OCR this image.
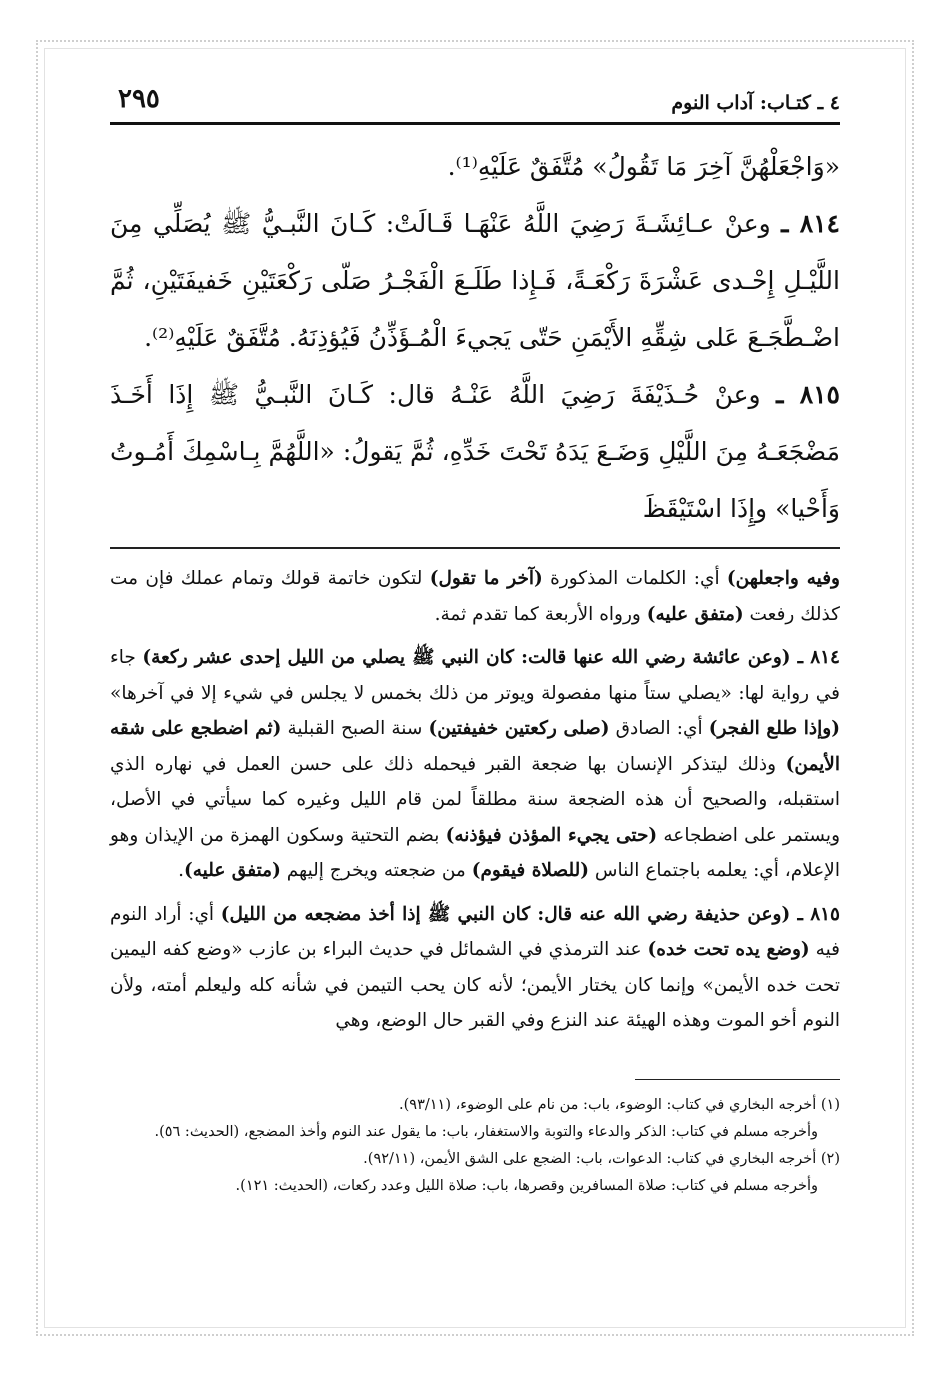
٤ ـ كتـاب: آداب النوم
٢٩٥

«وَاجْعَلْهُنَّ آخِرَ مَا تَقُولُ» مُتَّفَقٌ عَلَيْهِ⁽¹⁾.

٨١٤ ـ وعنْ عـائِشَـةَ رَضِيَ اللَّهُ عَنْهَـا قَـالَتْ: كَـانَ النَّبـيُّ ﷺ يُصَلِّي مِنَ اللَّيْـلِ إِحْـدى عَشْرَةَ رَكْعَـةً، فَـإِذا طَلَـعَ الْفَجْـرُ صَلّى رَكْعَتَيْنِ خَفيفَتَيْنِ، ثُمَّ اضْـطَّجَـعَ عَلى شِقِّهِ الأَيْمَنِ حَتّى يَجيءَ الْمُـؤَذِّنُ فَيُؤذِنَهُ. مُتَّفَقٌ عَلَيْهِ⁽²⁾.

٨١٥ ـ وعنْ حُـذَيْفَةَ رَضِيَ اللَّهُ عَنْـهُ قال: كَـانَ النَّبـيُّ ﷺ إِذَا أَخَـذَ مَضْجَعَـهُ مِنَ اللَّيْلِ وَضَـعَ يَدَهُ تَحْتَ خَدِّهِ، ثُمَّ يَقولُ: «اللَّهُمَّ بِـاسْمِكَ أَمُـوتُ وَأَحْيا» وإِذَا اسْتَيْقَظَ

وفيه واجعلهن) أي: الكلمات المذكورة (آخر ما تقول) لتكون خاتمة قولك وتمام عملك فإن مت كذلك رفعت (متفق عليه) ورواه الأربعة كما تقدم ثمة.

٨١٤ ـ (وعن عائشة رضي الله عنها قالت: كان النبي ﷺ يصلي من الليل إحدى عشر ركعة) جاء في رواية لها: «يصلي ستاً منها مفصولة ويوتر من ذلك بخمس لا يجلس في شيء إلا في آخرها» (وإذا طلع الفجر) أي: الصادق (صلى ركعتين خفيفتين) سنة الصبح القبلية (ثم اضطجع على شقه الأيمن) وذلك ليتذكر الإنسان بها ضجعة القبر فيحمله ذلك على حسن العمل في نهاره الذي استقبله، والصحيح أن هذه الضجعة سنة مطلقاً لمن قام الليل وغيره كما سيأتي في الأصل، ويستمر على اضطجاعه (حتى يجيء المؤذن فيؤذنه) بضم التحتية وسكون الهمزة من الإيذان وهو الإعلام، أي: يعلمه باجتماع الناس (للصلاة فيقوم) من ضجعته ويخرج إليهم (متفق عليه).

٨١٥ ـ (وعن حذيفة رضي الله عنه قال: كان النبي ﷺ إذا أخذ مضجعه من الليل) أي: أراد النوم فيه (وضع يده تحت خده) عند الترمذي في الشمائل في حديث البراء بن عازب «وضع كفه اليمين تحت خده الأيمن» وإنما كان يختار الأيمن؛ لأنه كان يحب التيمن في شأنه كله وليعلم أمته، ولأن النوم أخو الموت وهذه الهيئة عند النزع وفي القبر حال الوضع، وهي

(١) أخرجه البخاري في كتاب: الوضوء، باب: من نام على الوضوء، (٩٣/١١).

وأخرجه مسلم في كتاب: الذكر والدعاء والتوبة والاستغفار، باب: ما يقول عند النوم وأخذ المضجع، (الحديث: ٥٦).

(٢) أخرجه البخاري في كتاب: الدعوات، باب: الضجع على الشق الأيمن، (٩٢/١١).

وأخرجه مسلم في كتاب: صلاة المسافرين وقصرها، باب: صلاة الليل وعدد ركعات، (الحديث: ١٢١).
